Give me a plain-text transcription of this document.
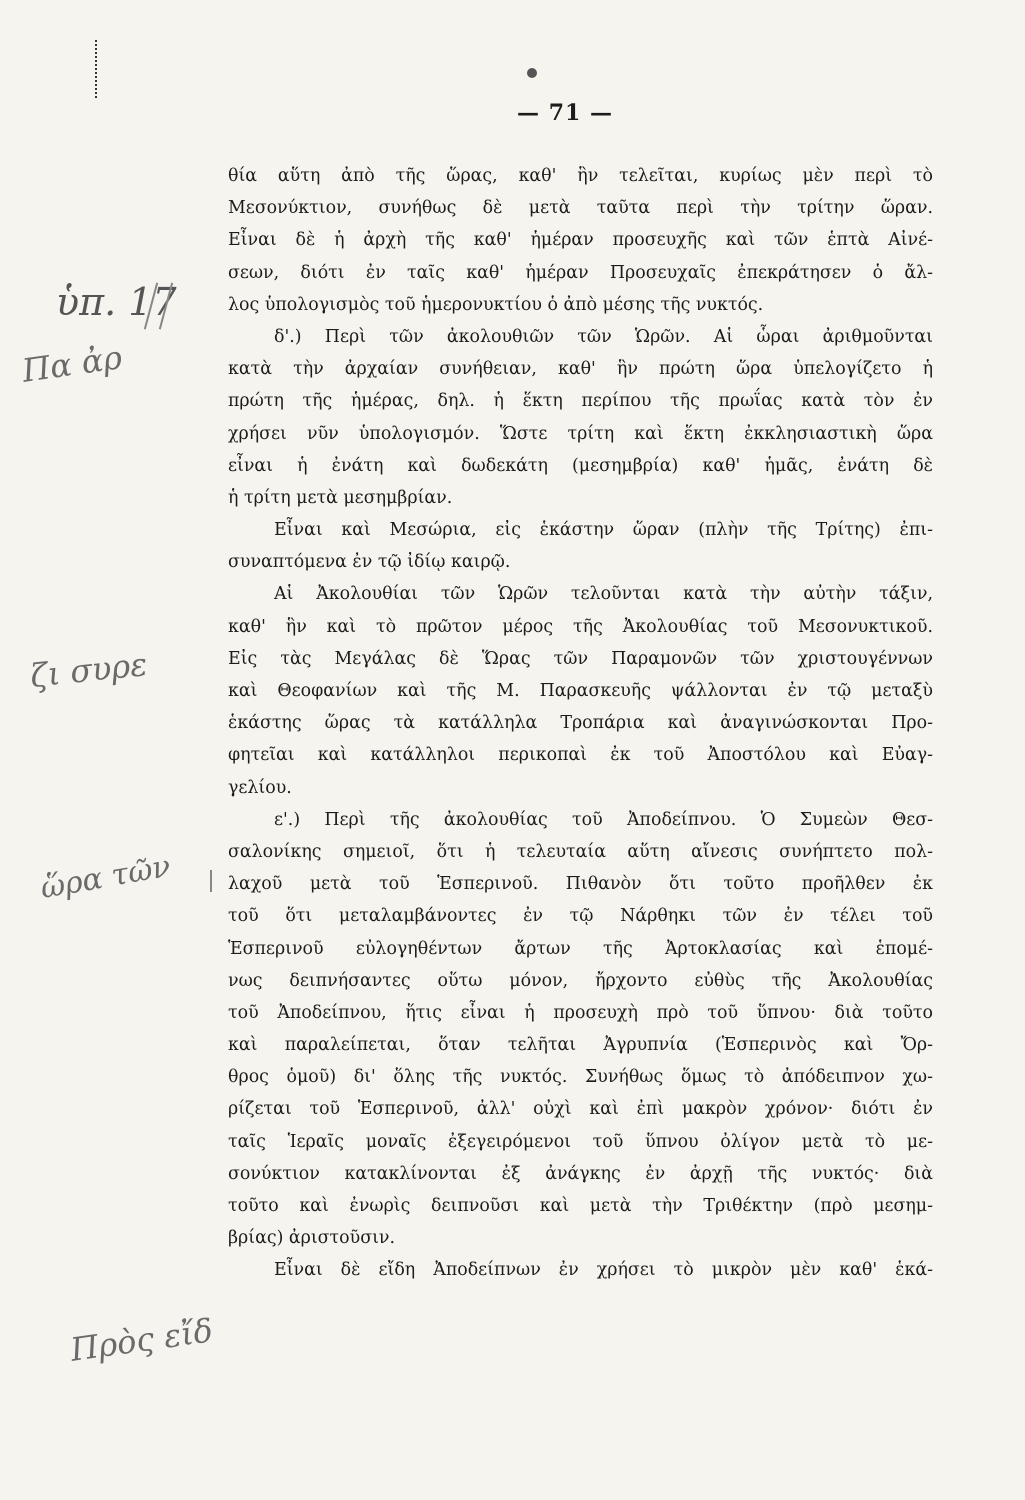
— 71 —
ὑπ. 17
Πα ἀρ
ζι συρε
ὥρα τῶν
Πρὸς εἴδ
θία αὕτη ἀπὸ τῆς ὥρας, καθ' ἣν τελεῖται, κυρίως μὲν περὶ τὸ
Μεσονύκτιον, συνήθως δὲ μετὰ ταῦτα περὶ τὴν τρίτην ὥραν.
Εἶναι δὲ ἡ ἀρχὴ τῆς καθ' ἡμέραν προσευχῆς καὶ τῶν ἑπτὰ Αἰνέ-
σεων, διότι ἐν ταῖς καθ' ἡμέραν Προσευχαῖς ἐπεκράτησεν ὁ ἄλ-
λος ὑπολογισμὸς τοῦ ἡμερονυκτίου ὁ ἀπὸ μέσης τῆς νυκτός.
δ'.) Περὶ τῶν ἀκολουθιῶν τῶν Ὡρῶν. Αἱ ὧραι ἀριθμοῦνται
κατὰ τὴν ἀρχαίαν συνήθειαν, καθ' ἣν πρώτη ὥρα ὑπελογίζετο ἡ
πρώτη τῆς ἡμέρας, δηλ. ἡ ἕκτη περίπου τῆς πρωΐας κατὰ τὸν ἐν
χρήσει νῦν ὑπολογισμόν. Ὥστε τρίτη καὶ ἕκτη ἐκκλησιαστικὴ ὥρα
εἶναι ἡ ἐνάτη καὶ δωδεκάτη (μεσημβρία) καθ' ἡμᾶς, ἐνάτη δὲ
ἡ τρίτη μετὰ μεσημβρίαν.
Εἶναι καὶ Μεσώρια, εἰς ἑκάστην ὥραν (πλὴν τῆς Τρίτης) ἐπι-
συναπτόμενα ἐν τῷ ἰδίῳ καιρῷ.
Αἱ Ἀκολουθίαι τῶν Ὡρῶν τελοῦνται κατὰ τὴν αὐτὴν τάξιν,
καθ' ἣν καὶ τὸ πρῶτον μέρος τῆς Ἀκολουθίας τοῦ Μεσονυκτικοῦ.
Εἰς τὰς Μεγάλας δὲ Ὥρας τῶν Παραμονῶν τῶν χριστουγέννων
καὶ Θεοφανίων καὶ τῆς Μ. Παρασκευῆς ψάλλονται ἐν τῷ μεταξὺ
ἑκάστης ὥρας τὰ κατάλληλα Τροπάρια καὶ ἀναγινώσκονται Προ-
φητεῖαι καὶ κατάλληλοι περικοπαὶ ἐκ τοῦ Ἀποστόλου καὶ Εὐαγ-
γελίου.
ε'.) Περὶ τῆς ἀκολουθίας τοῦ Ἀποδείπνου. Ὁ Συμεὼν Θεσ-
σαλονίκης σημειοῖ, ὅτι ἡ τελευταία αὕτη αἴνεσις συνήπτετο πολ-
λαχοῦ μετὰ τοῦ Ἑσπερινοῦ. Πιθανὸν ὅτι τοῦτο προῆλθεν ἐκ
τοῦ ὅτι μεταλαμβάνοντες ἐν τῷ Νάρθηκι τῶν ἐν τέλει τοῦ
Ἑσπερινοῦ εὐλογηθέντων ἄρτων τῆς Ἀρτοκλασίας καὶ ἑπομέ-
νως δειπνήσαντες οὕτω μόνον, ἤρχοντο εὐθὺς τῆς Ἀκολουθίας
τοῦ Ἀποδείπνου, ἥτις εἶναι ἡ προσευχὴ πρὸ τοῦ ὕπνου· διὰ τοῦτο
καὶ παραλείπεται, ὅταν τελῆται Ἀγρυπνία (Ἑσπερινὸς καὶ Ὄρ-
θρος ὁμοῦ) δι' ὅλης τῆς νυκτός. Συνήθως ὅμως τὸ ἀπόδειπνον χω-
ρίζεται τοῦ Ἑσπερινοῦ, ἀλλ' οὐχὶ καὶ ἐπὶ μακρὸν χρόνον· διότι ἐν
ταῖς Ἱεραῖς μοναῖς ἐξεγειρόμενοι τοῦ ὕπνου ὀλίγον μετὰ τὸ με-
σονύκτιον κατακλίνονται ἐξ ἀνάγκης ἐν ἀρχῇ τῆς νυκτός· διὰ
τοῦτο καὶ ἐνωρὶς δειπνοῦσι καὶ μετὰ τὴν Τριθέκτην (πρὸ μεσημ-
βρίας) ἀριστοῦσιν.
Εἶναι δὲ εἴδη Ἀποδείπνων ἐν χρήσει τὸ μικρὸν μὲν καθ' ἑκά-
